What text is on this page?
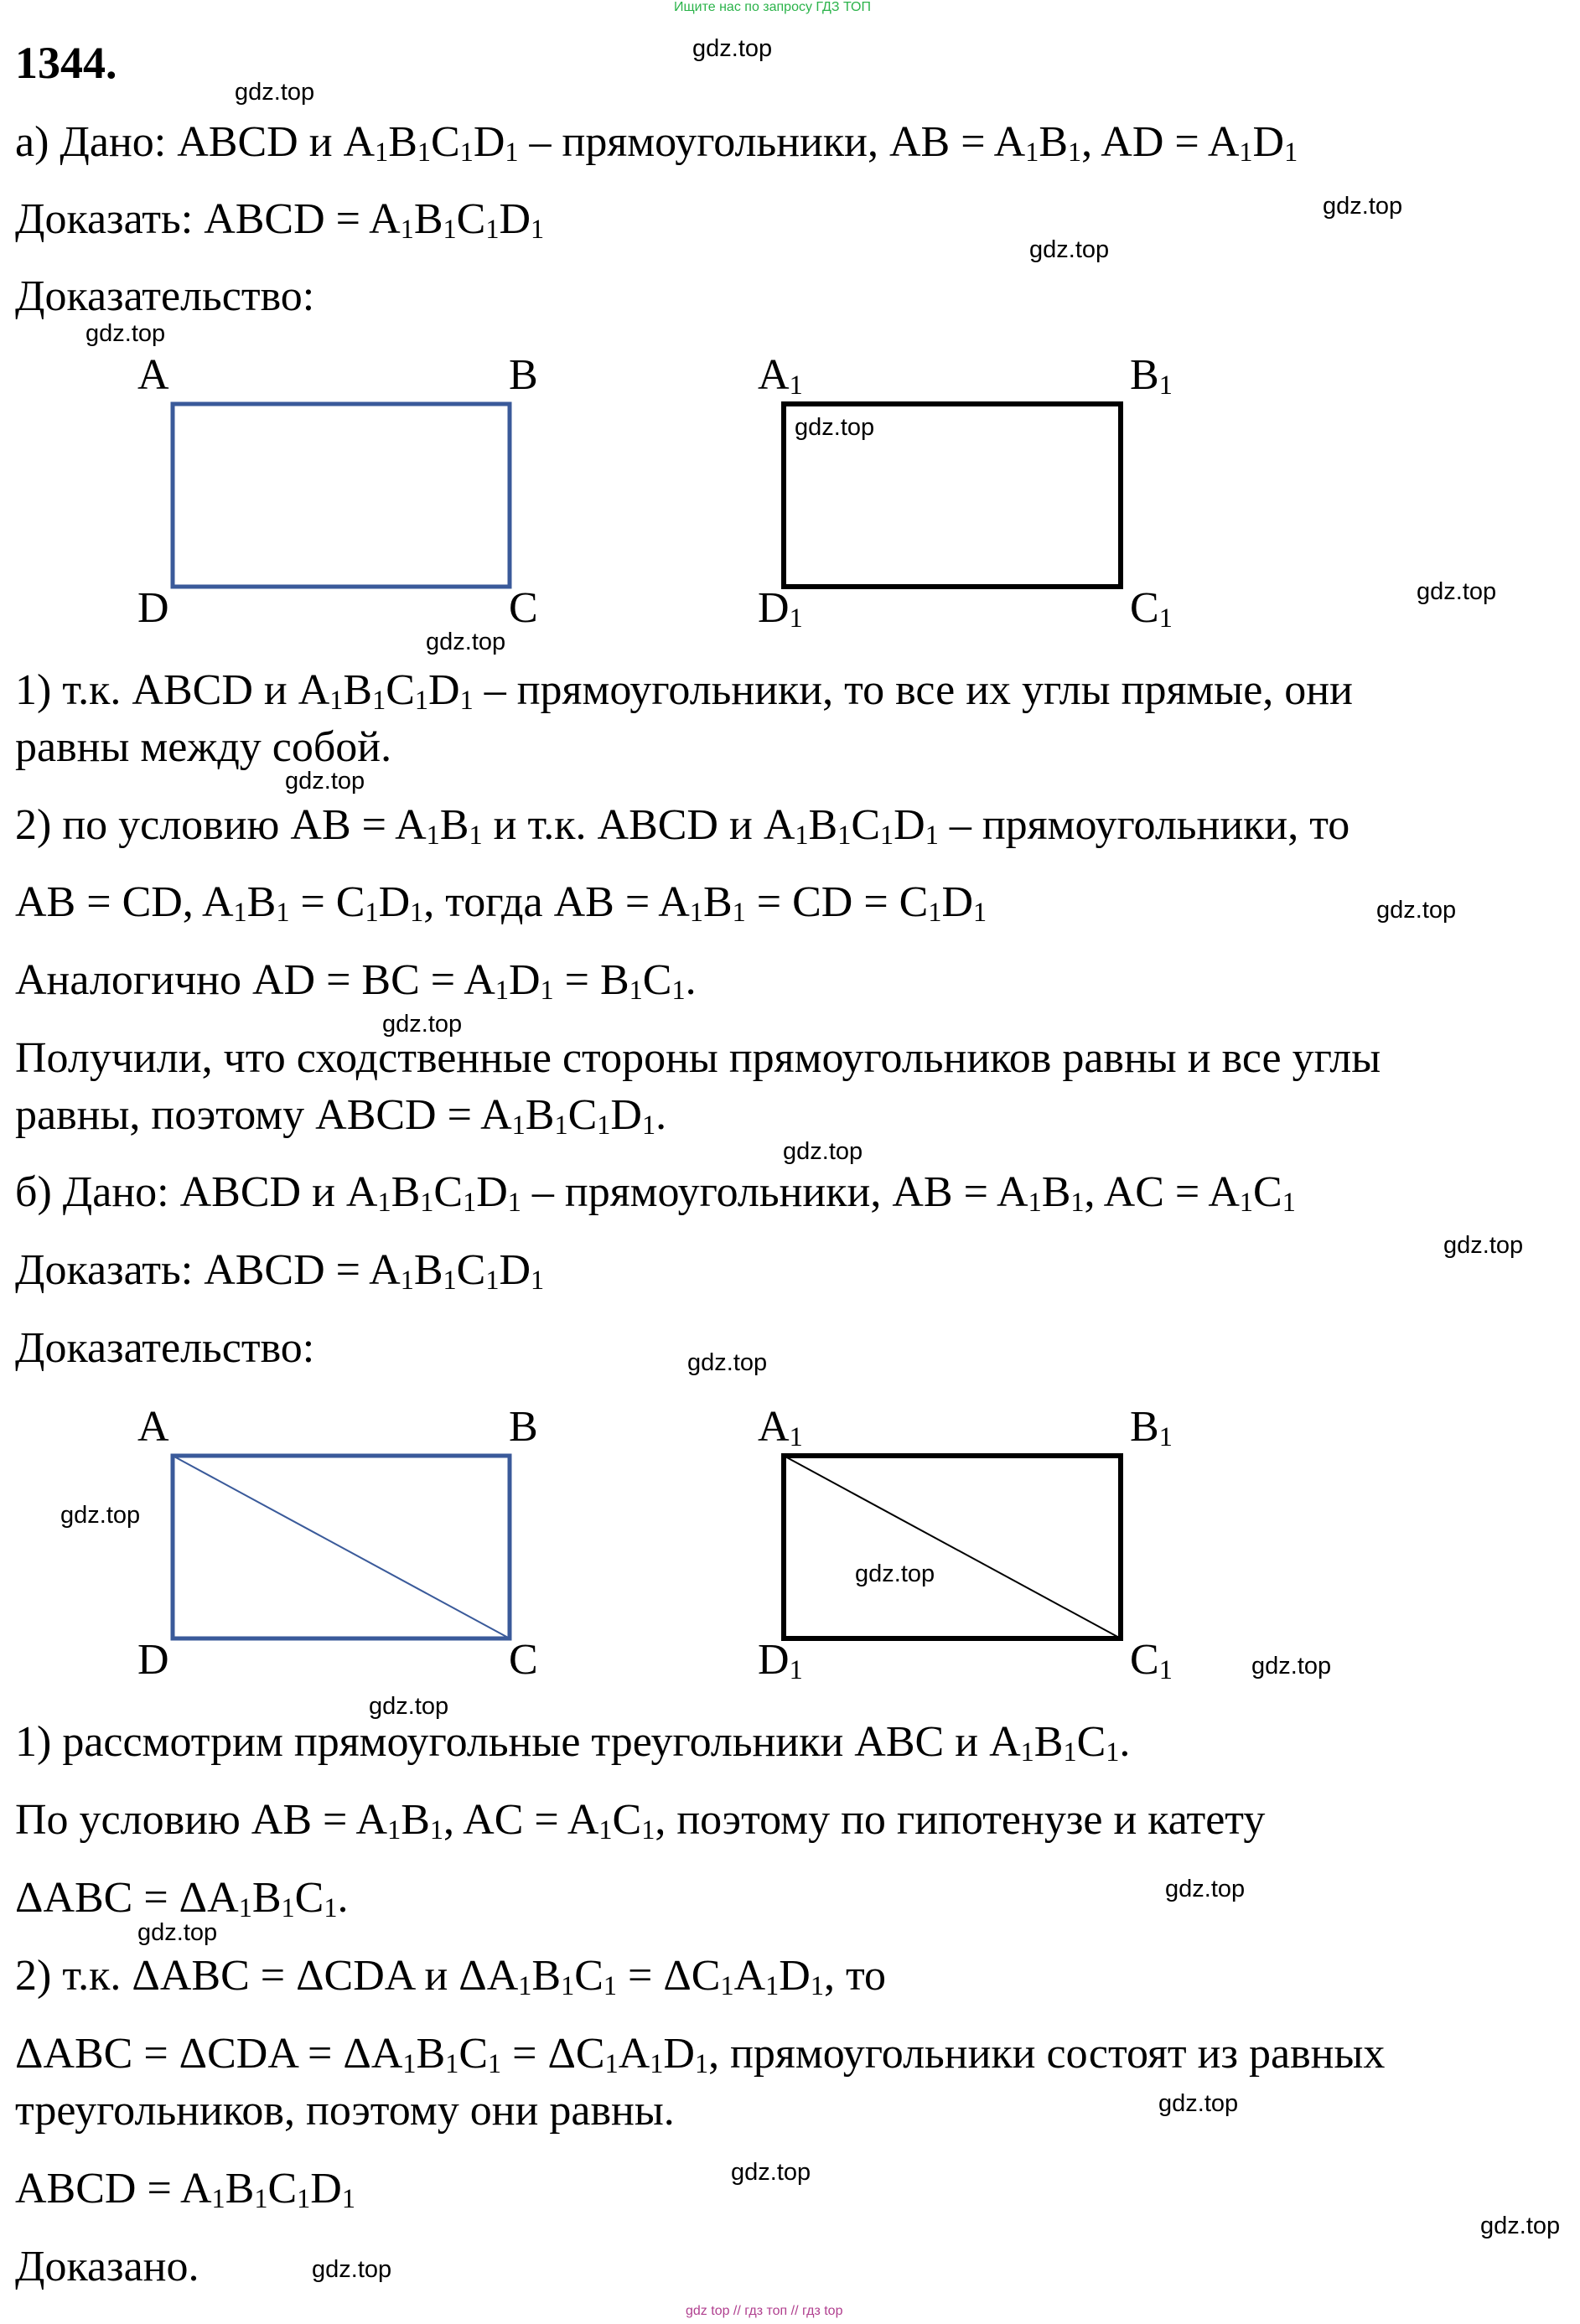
Ищите нас по запросу ГДЗ ТОП
gdz top // гдз топ // гдз top
1344.
а) Дано: ABCD и $A_1B_1C_1D_1$ – прямоугольники, AB = $A_1B_1$, AD = $A_1D_1$
Доказать: ABCD = $A_1B_1C_1D_1$
Доказательство:
A	B
D	C
$A_1$	$B_1$
$D_1$	$C_1$
1) т.к. ABCD и $A_1B_1C_1D_1$ – прямоугольники, то все их углы прямые, они
равны между собой.
2) по условию AB = $A_1B_1$ и т.к. ABCD и $A_1B_1C_1D_1$ – прямоугольники, то
AB = CD, $A_1B_1 = C_1D_1$, тогда AB = $A_1B_1$ = CD = $C_1D_1$
Аналогично AD = BC = $A_1D_1 = B_1C_1$.
Получили, что сходственные стороны прямоугольников равны и все углы
равны, поэтому ABCD = $A_1B_1C_1D_1$.
б) Дано: ABCD и $A_1B_1C_1D_1$ – прямоугольники, AB = $A_1B_1$, AC = $A_1C_1$
Доказать: ABCD = $A_1B_1C_1D_1$
Доказательство:
A	B
D	C
$A_1$	$B_1$
$D_1$	$C_1$
1) рассмотрим прямоугольные треугольники ABC и $A_1B_1C_1$.
По условию AB = $A_1B_1$, AC = $A_1C_1$, поэтому по гипотенузе и катету
$\Delta ABC = \Delta A_1B_1C_1$.
2) т.к. ΔABC = ΔCDA и $\Delta A_1B_1C_1 = \Delta C_1A_1D_1$, то
$\Delta ABC = \Delta CDA = \Delta A_1B_1C_1 = \Delta C_1A_1D_1$, прямоугольники состоят из равных
треугольников, поэтому они равны.
ABCD = $A_1B_1C_1D_1$
Доказано.
gdz.top
gdz.top
gdz.top
gdz.top
gdz.top
gdz.top
gdz.top
gdz.top
gdz.top
gdz.top
gdz.top
gdz.top
gdz.top
gdz.top
gdz.top
gdz.top
gdz.top
gdz.top
gdz.top
gdz.top
gdz.top
gdz.top
gdz.top
gdz.top
